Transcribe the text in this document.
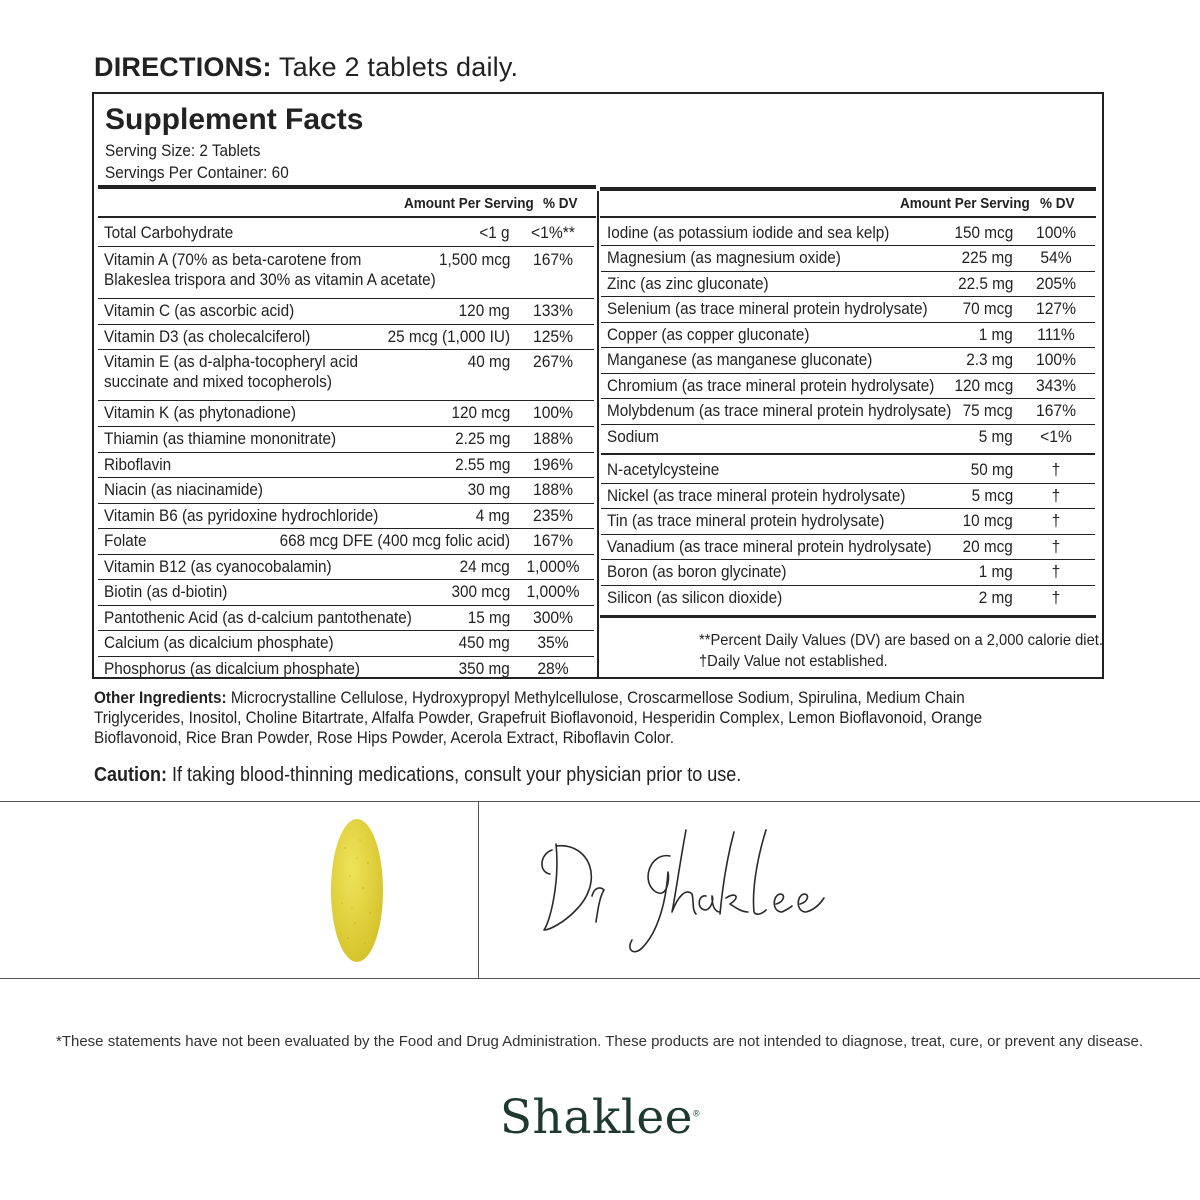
DIRECTIONS: Take 2 tablets daily.
Supplement Facts
Serving Size: 2 Tablets
Servings Per Container: 60
Amount Per Serving % DV	Amount Per Serving % DV
Total Carbohydrate	<1 g	<1%**
Vitamin A (70% as beta-carotene from
Blakeslea trispora and 30% as vitamin A acetate)
1,500 mcg	167%
Vitamin C (as ascorbic acid)	120 mg	133%
Vitamin D3 (as cholecalciferol)	25 mcg (1,000 IU)	125%
Vitamin E (as d-alpha-tocopheryl acid
succinate and mixed tocopherols)
40 mg	267%
Vitamin K (as phytonadione)	120 mcg	100%
Thiamin (as thiamine mononitrate)	2.25 mg	188%
Riboflavin	2.55 mg	196%
Niacin (as niacinamide)	30 mg	188%
Vitamin B6 (as pyridoxine hydrochloride)	4 mg	235%
Folate	668 mcg DFE (400 mcg folic acid)	167%
Vitamin B12 (as cyanocobalamin)	24 mcg 1,000%
Biotin (as d-biotin)	300 mcg 1,000%
Pantothenic Acid (as d-calcium pantothenate)	15 mg	300%
Calcium (as dicalcium phosphate)	450 mg	35%
Phosphorus (as dicalcium phosphate)	350 mg	28%
Iodine (as potassium iodide and sea kelp)	150 mcg	100%
Magnesium (as magnesium oxide)	225 mg	54%
Zinc (as zinc gluconate)	22.5 mg	205%
Selenium (as trace mineral protein hydrolysate) 70 mcg	127%
Copper (as copper gluconate)	1 mg	111%
Manganese (as manganese gluconate)	2.3 mg	100%
Chromium (as trace mineral protein hydrolysate) 120 mcg	343%
Molybdenum (as trace mineral protein hydrolysate) 75 mcg	167%
Sodium	5 mg	<1%
N-acetylcysteine	50 mg	†
Nickel (as trace mineral protein hydrolysate)	5 mcg	†
Tin (as trace mineral protein hydrolysate)	10 mcg	†
Vanadium (as trace mineral protein hydrolysate) 20 mcg	†
Boron (as boron glycinate)	1 mg	†
Silicon (as silicon dioxide)	2 mg	†
**Percent Daily Values (DV) are based on a 2,000 calorie diet.
†Daily Value not established.
Other Ingredients: Microcrystalline Cellulose, Hydroxypropyl Methylcellulose, Croscarmellose Sodium, Spirulina, Medium Chain Triglycerides, Inositol, Choline Bitartrate, Alfalfa Powder, Grapefruit Bioflavonoid, Hesperidin Complex, Lemon Bioflavonoid, Orange Bioflavonoid, Rice Bran Powder, Rose Hips Powder, Acerola Extract, Riboflavin Color.
Caution: If taking blood-thinning medications, consult your physician prior to use.
*These statements have not been evaluated by the Food and Drug Administration. These products are not intended to diagnose, treat, cure, or prevent any disease.
Shaklee®
